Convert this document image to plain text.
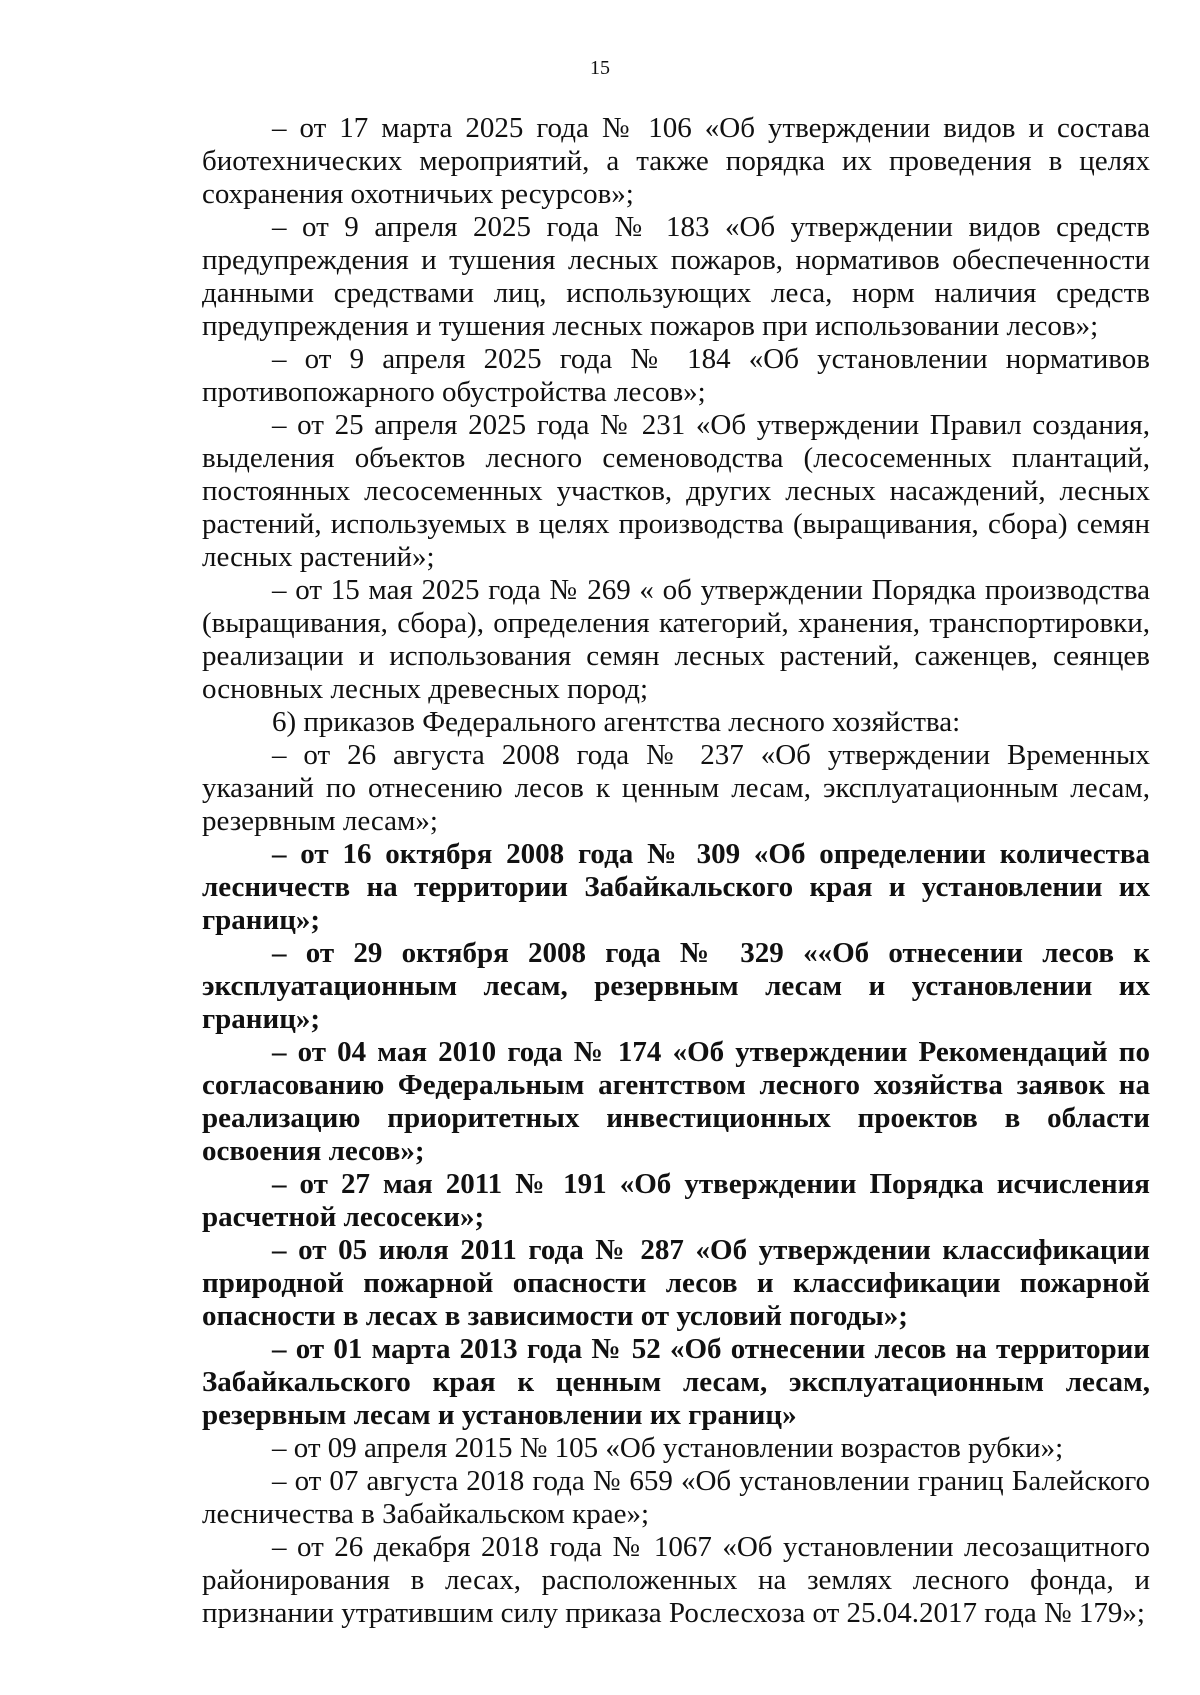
15

– от 17 марта 2025 года № 106 «Об утверждении видов и состава биотехнических мероприятий, а также порядка их проведения в целях сохранения охотничьих ресурсов»;

– от 9 апреля 2025 года № 183 «Об утверждении видов средств предупреждения и тушения лесных пожаров, нормативов обеспеченности данными средствами лиц, использующих леса, норм наличия средств предупреждения и тушения лесных пожаров при использовании лесов»;

– от 9 апреля 2025 года № 184 «Об установлении нормативов противопожарного обустройства лесов»;

– от 25 апреля 2025 года № 231 «Об утверждении Правил создания, выделения объектов лесного семеноводства (лесосеменных плантаций, постоянных лесосеменных участков, других лесных насаждений, лесных растений, используемых в целях производства (выращивания, сбора) семян лесных растений»;

– от 15 мая 2025 года № 269 « об утверждении Порядка производства (выращивания, сбора), определения категорий, хранения, транспортировки, реализации и использования семян лесных растений, саженцев, сеянцев основных лесных древесных пород;

6) приказов Федерального агентства лесного хозяйства:

– от 26 августа 2008 года № 237 «Об утверждении Временных указаний по отнесению лесов к ценным лесам, эксплуатационным лесам, резервным лесам»;

– от 16 октября 2008 года № 309 «Об определении количества лесничеств на территории Забайкальского края и установлении их границ»;

– от 29 октября 2008 года № 329 ««Об отнесении лесов к эксплуатационным лесам, резервным лесам и установлении их границ»;

– от 04 мая 2010 года № 174 «Об утверждении Рекомендаций по согласованию Федеральным агентством лесного хозяйства заявок на реализацию приоритетных инвестиционных проектов в области освоения лесов»;

– от 27 мая 2011 № 191 «Об утверждении Порядка исчисления расчетной лесосеки»;

– от 05 июля 2011 года № 287 «Об утверждении классификации природной пожарной опасности лесов и классификации пожарной опасности в лесах в зависимости от условий погоды»;

– от 01 марта 2013 года № 52 «Об отнесении лесов на территории Забайкальского края к ценным лесам, эксплуатационным лесам, резервным лесам и установлении их границ»

– от 09 апреля 2015 № 105 «Об установлении возрастов рубки»;

– от 07 августа 2018 года № 659 «Об установлении границ Балейского лесничества в Забайкальском крае»;

– от 26 декабря 2018 года № 1067 «Об установлении лесозащитного районирования в лесах, расположенных на землях лесного фонда, и признании утратившим силу приказа Рослесхоза от 25.04.2017 года № 179»;
